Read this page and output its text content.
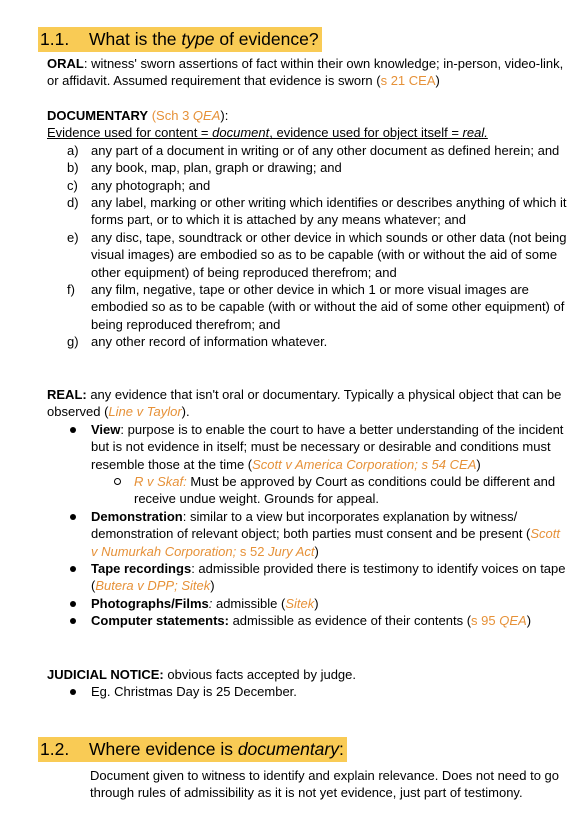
1.1. What is the type of evidence?
ORAL: witness' sworn assertions of fact within their own knowledge; in-person, video-link, or affidavit. Assumed requirement that evidence is sworn (s 21 CEA)
DOCUMENTARY (Sch 3 QEA):
Evidence used for content = document, evidence used for object itself = real.
a) any part of a document in writing or of any other document as defined herein; and
b) any book, map, plan, graph or drawing; and
c) any photograph; and
d) any label, marking or other writing which identifies or describes anything of which it forms part, or to which it is attached by any means whatever; and
e) any disc, tape, soundtrack or other device in which sounds or other data (not being visual images) are embodied so as to be capable (with or without the aid of some other equipment) of being reproduced therefrom; and
f) any film, negative, tape or other device in which 1 or more visual images are embodied so as to be capable (with or without the aid of some other equipment) of being reproduced therefrom; and
g) any other record of information whatever.
REAL: any evidence that isn't oral or documentary. Typically a physical object that can be observed (Line v Taylor).
View: purpose is to enable the court to have a better understanding of the incident but is not evidence in itself; must be necessary or desirable and conditions must resemble those at the time (Scott v America Corporation; s 54 CEA)
R v Skaf: Must be approved by Court as conditions could be different and receive undue weight. Grounds for appeal.
Demonstration: similar to a view but incorporates explanation by witness/ demonstration of relevant object; both parties must consent and be present (Scott v Numurkah Corporation; s 52 Jury Act)
Tape recordings: admissible provided there is testimony to identify voices on tape (Butera v DPP; Sitek)
Photographs/Films: admissible (Sitek)
Computer statements: admissible as evidence of their contents (s 95 QEA)
JUDICIAL NOTICE: obvious facts accepted by judge.
Eg. Christmas Day is 25 December.
1.2. Where evidence is documentary:
Document given to witness to identify and explain relevance. Does not need to go through rules of admissibility as it is not yet evidence, just part of testimony.
